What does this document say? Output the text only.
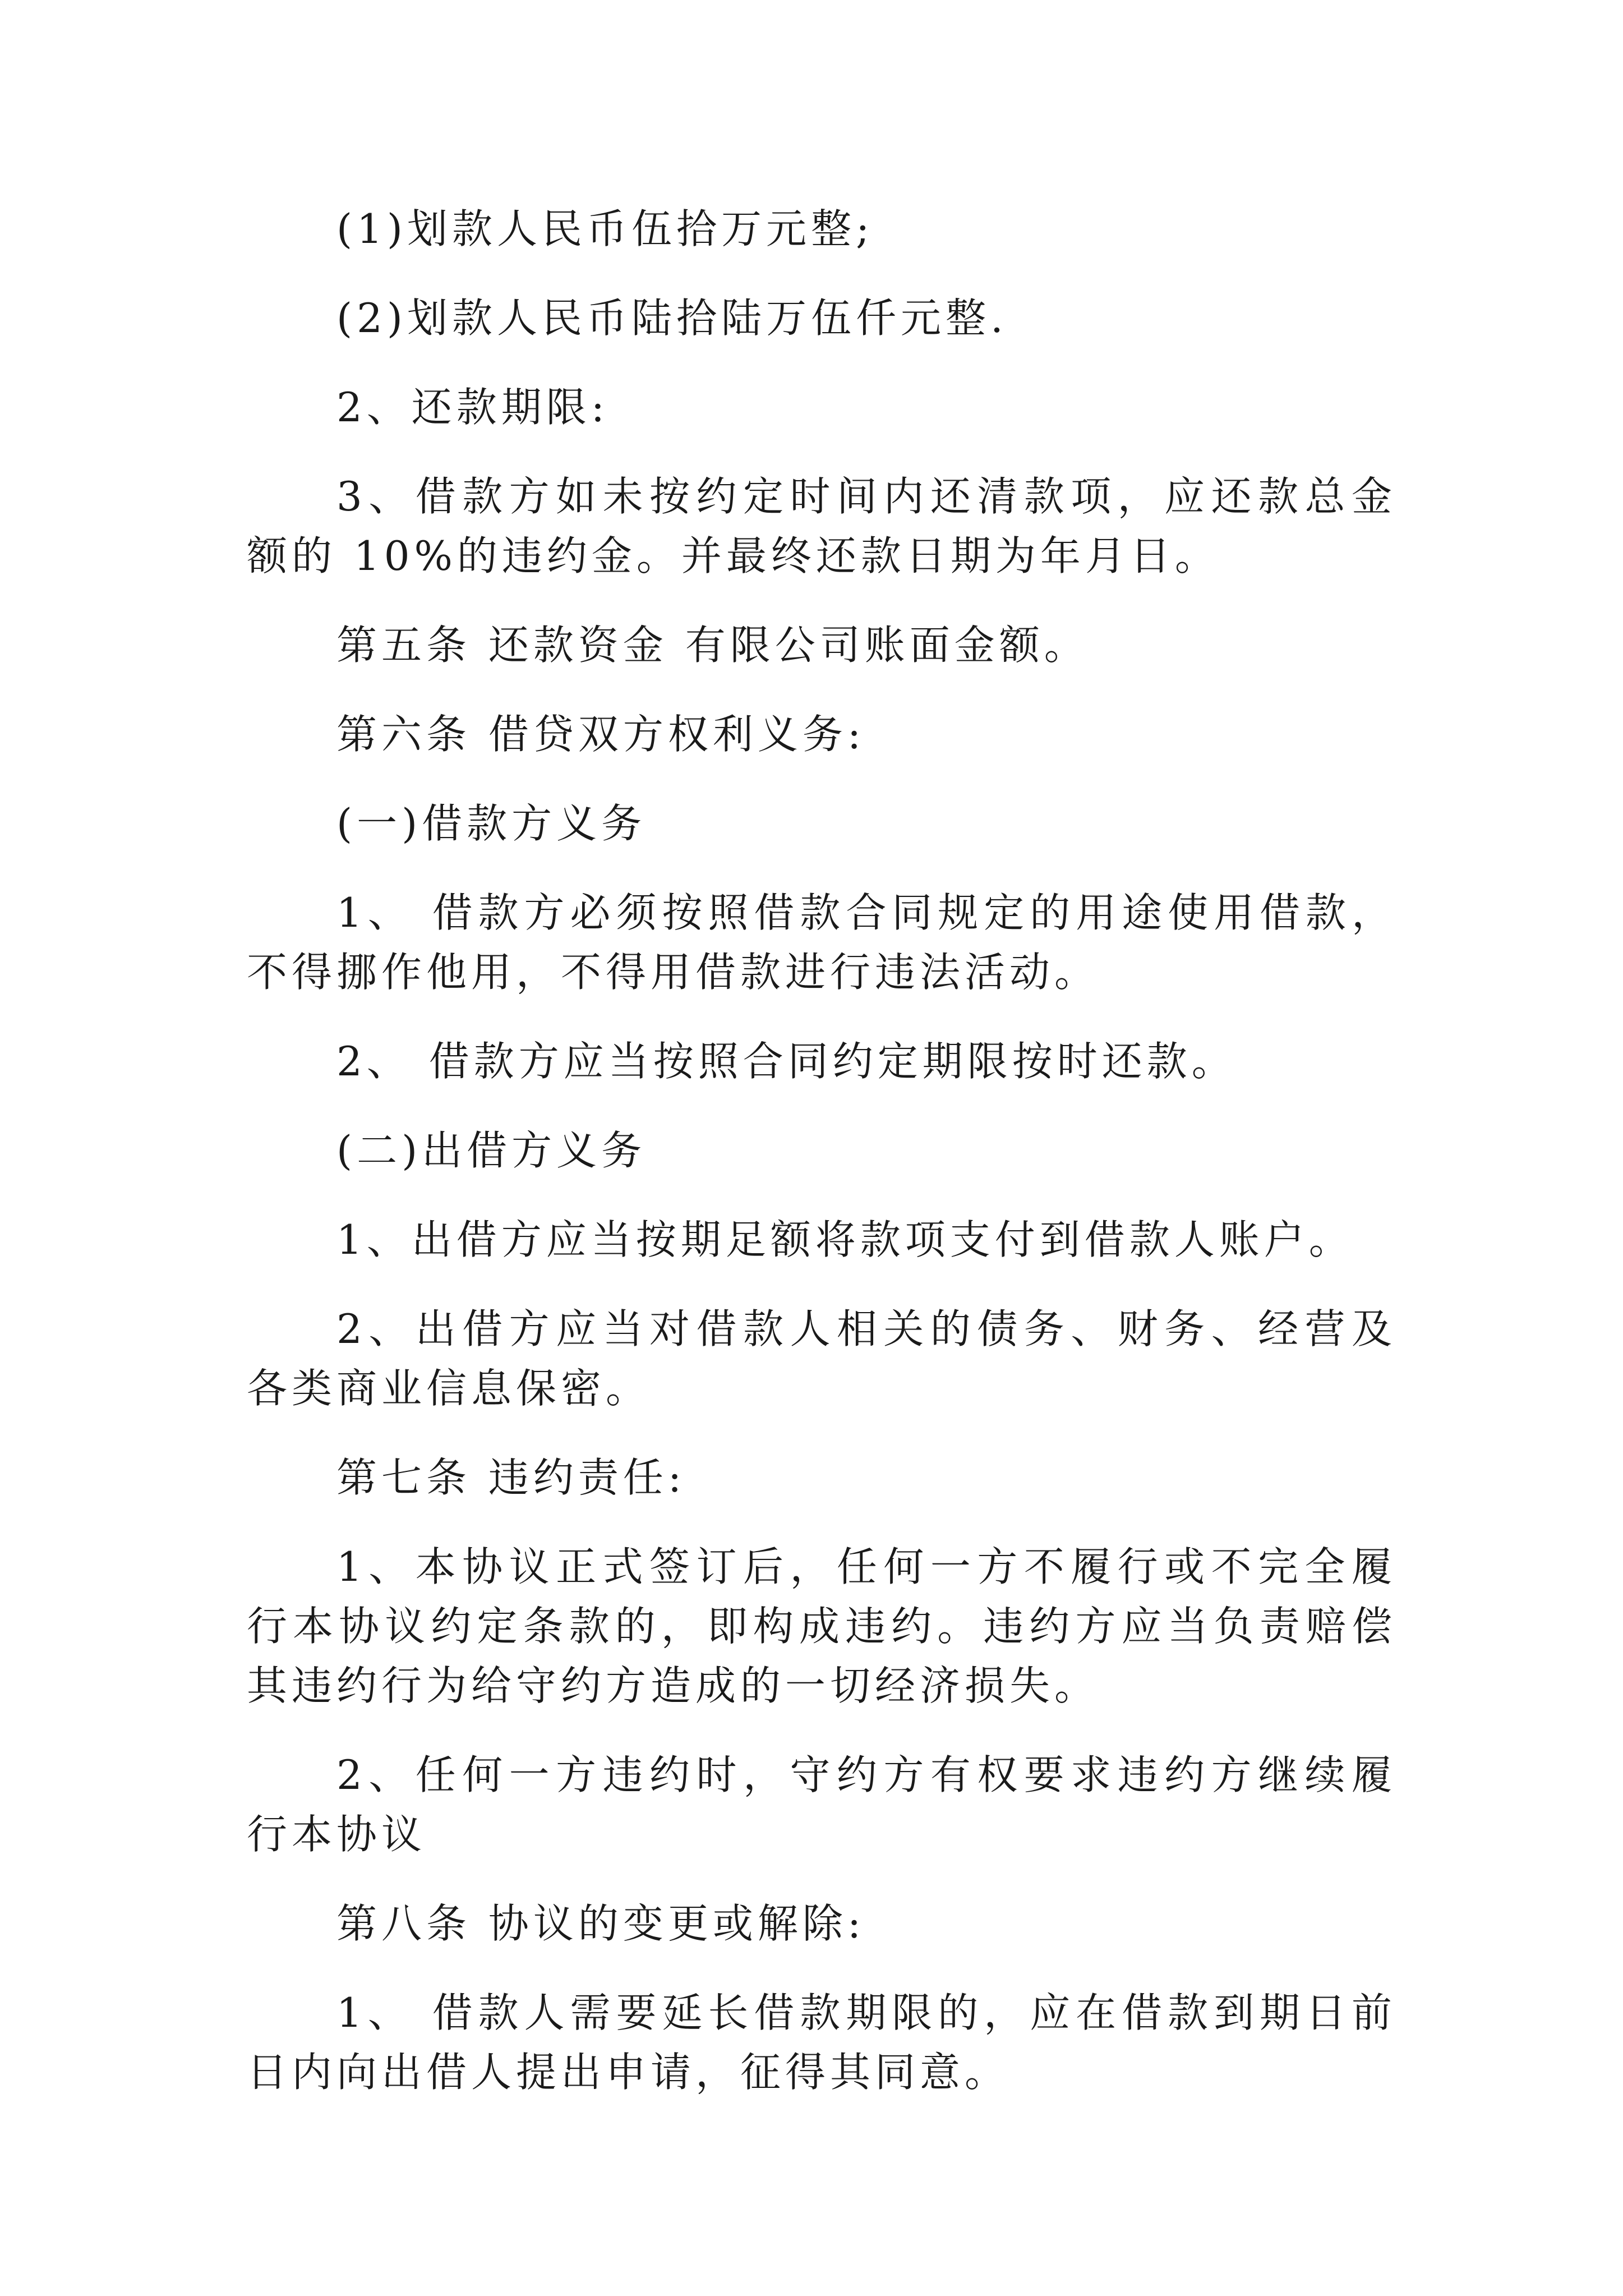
(1)划款人民币伍拾万元整;

(2)划款人民币陆拾陆万伍仟元整.

2、还款期限:

3、借款方如未按约定时间内还清款项，应还款总金额的 10%的违约金。并最终还款日期为年月日。

第五条 还款资金 有限公司账面金额。

第六条 借贷双方权利义务:

(一)借款方义务

1、 借款方必须按照借款合同规定的用途使用借款，不得挪作他用，不得用借款进行违法活动。

2、 借款方应当按照合同约定期限按时还款。

(二)出借方义务

1、出借方应当按期足额将款项支付到借款人账户。

2、出借方应当对借款人相关的债务、财务、经营及各类商业信息保密。

第七条 违约责任:

1、本协议正式签订后，任何一方不履行或不完全履行本协议约定条款的，即构成违约。违约方应当负责赔偿其违约行为给守约方造成的一切经济损失。

2、任何一方违约时，守约方有权要求违约方继续履行本协议

第八条 协议的变更或解除:

1、 借款人需要延长借款期限的，应在借款到期日前日内向出借人提出申请，征得其同意。
